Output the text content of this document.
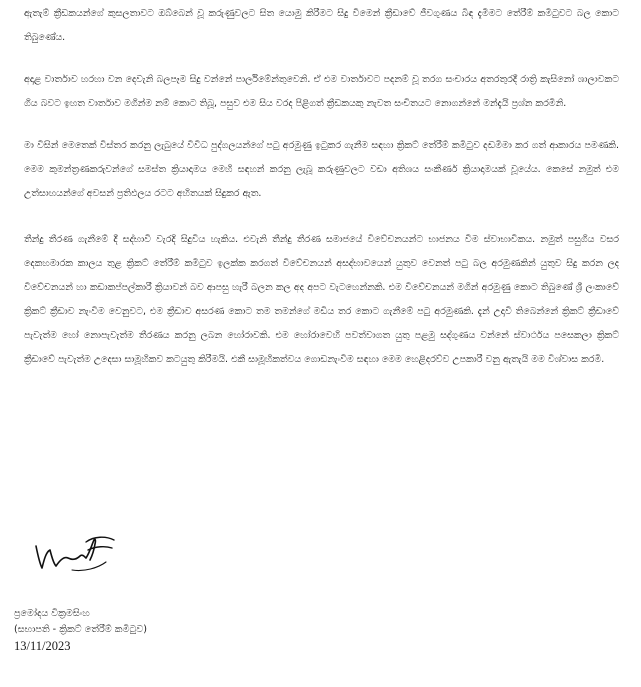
ඇතැම් ක්‍රීඩකයන්ගේ කුසලතාවට ඔබ්බෙන් වූ කරුණුවලට සිත යොමු කිරීමට සිදු වීමෙන් ක්‍රීඩාවේ ජීවගුණය බිඳ දැමීමට තේරීම් කමිටුවට බල කොට තිබුණේය.

අදාළ වාර්තාව හරහා වන දෙවැනි බලපෑම සිදු වන්නේ පාර්ලිමේන්තුවෙනි. ඒ එම වාර්තාවට පදනම් වූ තරග සංචාරය අතරතුරදී රාත්‍රි කැසිනෝ ශාලාවකට ගිය බවට ඉහත වාර්තාව මගින්ම නම් කොට තිබූ, පසුව එම සිය වරද පිළිගත් ක්‍රීඩකයකු නැවත සංචිතයට නොගන්නේ මන්දැයි ප්‍රශ්න කරමිනි.

මා විසින් මෙතෙක් විස්තර කරනු ලැබුයේ විවිධ පුද්ගලයන්ගේ පටු අරමුණු ඉටුකර ගැනීම සඳහා ක්‍රිකට් තේරීම් කමිටුව දඬමීමා කර ගත් ආකාරය පමණකි. මෙම කුමන්ත්‍රණකරුවන්ගේ සමස්ත ක්‍රියාදාමය මෙහි සඳහන් කරනු ලැබූ කරුණුවලට වඩා අතිශය සංකීර්ණ ක්‍රියාදාමයක් වූයේය. කෙසේ නමුත් එම උත්සාහයන්ගේ අවසන් ප්‍රතිඵලය රටට අහිතයක් සිදුකර ඇත.

තීන්දු තීරණ ගැනීමේ දී සද්භාවී වැරදි සිදුවිය හැකිය. එවැනි තීන්දු තීරණ සමාජයේ විවේචනයන්ට භාජනය වීම ස්වාභාවිකය. නමුත් පසුගිය වසර දෙකහමාරක කාලය තුළ ක්‍රිකට් තේරීම් කමිටුව ඉලක්ක කරගත් විවේචනයන් අසද්භාවයෙන් යුතුව වෙනත් පටු බල අරමුණකින් යුතුව සිදු කරන ලද විවේචනයන් හා කඩාකප්පල්කාරී ක්‍රියාවන් බව ආපසු හැරී බලන කල අද අපට වැටහෙන්නකි. එම විවේචනයන් මගින් අරමුණු කොට තිබුණේ ශ්‍රී ලංකාවේ ක්‍රිකට් ක්‍රීඩාව නැංවීම වෙනුවට, එම ක්‍රීඩාව අසරණ කොට තම තමන්ගේ මඩිය තර කොට ගැනීමේ පටු අරමුණකි. දැන් උදාවී තිබෙන්නේ ක්‍රිකට් ක්‍රීඩාවේ පැවැත්ම හෝ නොපැවැත්ම තීරණය කරනු ලබන හෝරාවකි. එම හෝරාවෙහි පවත්වාගත යුතු පළමු සද්ගුණය වන්නේ ස්වාර්ථය පසෙකලා ක්‍රිකට් ක්‍රීඩාවේ පැවැත්ම උදෙසා සාමූහිකව කටයුතු කිරීමයි. එකී සාමූහිකත්වය ගොඩනැංවීම සඳහා මෙම හෙළිදරව්ව උපකාරී වනු ඇතැයි මම විශ්වාස කරමි.

ප්‍රමෝදය වික්‍රමසිංහ
(සභාපති - ක්‍රිකට් තේරීම් කමිටුව)
13/11/2023
